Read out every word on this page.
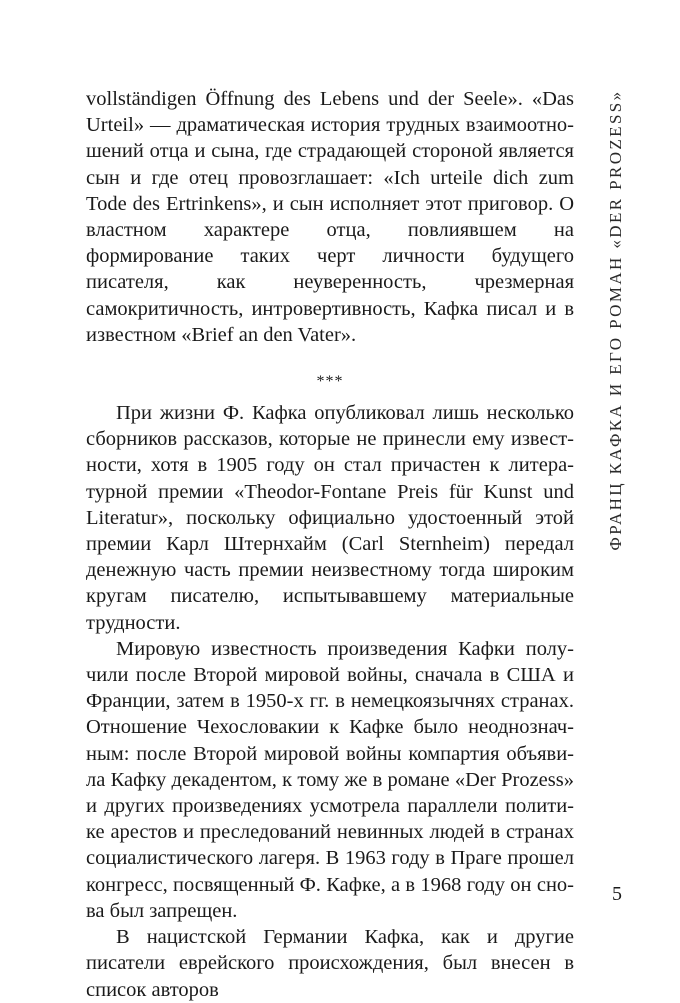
vollständigen Öffnung des Lebens und der Seele». «Das Urteil» — драматическая история трудных взаимоотношений отца и сына, где страдающей стороной является сын и где отец провозглашает: «Ich urteile dich zum Tode des Ertrinkens», и сын исполняет этот приговор. О властном характере отца, повлиявшем на формирование таких черт личности будущего писателя, как неуверенность, чрезмерная самокритичность, интровертивность, Кафка писал и в известном «Brief an den Vater».

***

При жизни Ф. Кафка опубликовал лишь несколько сборников рассказов, которые не принесли ему известности, хотя в 1905 году он стал причастен к литературной премии «Theodor-Fontane Preis für Kunst und Literatur», поскольку официально удостоенный этой премии Карл Штернхайм (Carl Sternheim) передал денежную часть премии неизвестному тогда широким кругам писателю, испытывавшему материальные трудности.

Мировую известность произведения Кафки получили после Второй мировой войны, сначала в США и Франции, затем в 1950-х гг. в немецкоязычнях странах. Отношение Чехословакии к Кафке было неоднозначным: после Второй мировой войны компартия объявила Кафку декадентом, к тому же в романе «Der Prozess» и других произведениях усмотрела параллели политике арестов и преследований невинных людей в странах социалистического лагеря. В 1963 году в Праге прошел конгресс, посвященный Ф. Кафке, а в 1968 году он снова был запрещен.

В нацистской Германии Кафка, как и другие писатели еврейского происхождения, был внесен в список авторов

ФРАНЦ КАФКА И ЕГО РОМАН «DER PROZESS»
5
